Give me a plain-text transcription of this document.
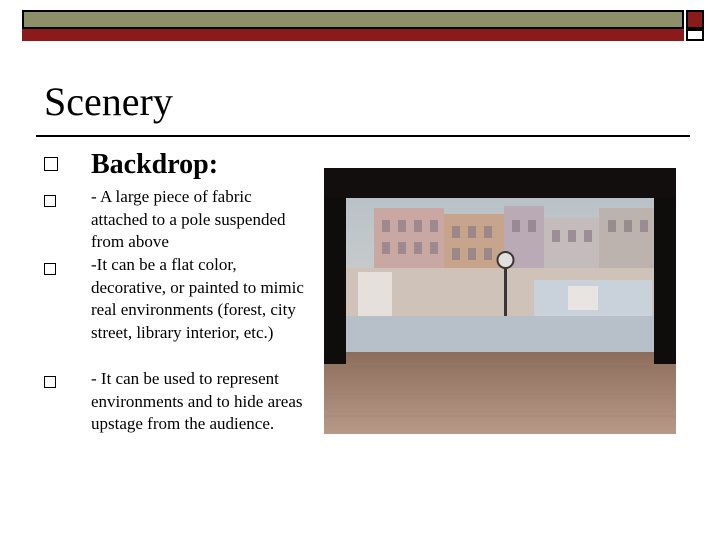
Scenery
Backdrop:
- A large piece of fabric attached to a pole suspended from above
-It can be a flat color, decorative, or painted to mimic real environments (forest, city street, library interior, etc.)
- It can be used to represent environments and to hide areas upstage from the audience.
